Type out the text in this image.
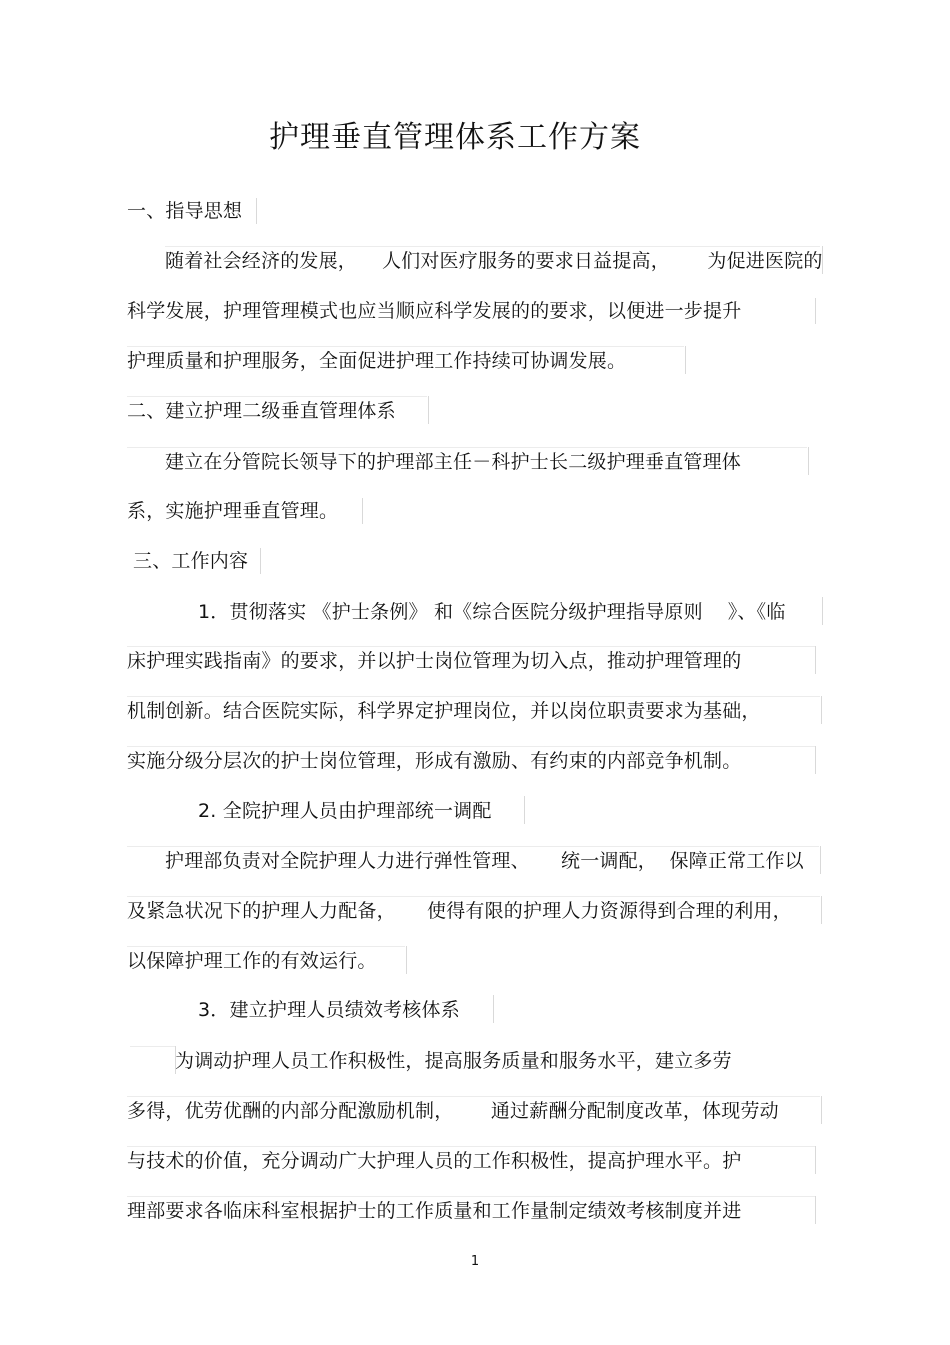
护理垂直管理体系工作方案
一、指导思想
随着社会经济的发展，    人们对医疗服务的要求日益提高，      为促进医院的
科学发展，护理管理模式也应当顺应科学发展的的要求，以便进一步提升
护理质量和护理服务，全面促进护理工作持续可协调发展。
二、建立护理二级垂直管理体系
建立在分管院长领导下的护理部主任－科护士长二级护理垂直管理体
系，实施护理垂直管理。
三、工作内容
1．贯彻落实 《护士条例》 和《综合医院分级护理指导原则    》、《临
床护理实践指南》的要求，并以护士岗位管理为切入点，推动护理管理的
机制创新。结合医院实际，科学界定护理岗位，并以岗位职责要求为基础，
实施分级分层次的护士岗位管理，形成有激励、有约束的内部竞争机制。
2. 全院护理人员由护理部统一调配
护理部负责对全院护理人力进行弹性管理、     统一调配，  保障正常工作以
及紧急状况下的护理人力配备，     使得有限的护理人力资源得到合理的利用，
以保障护理工作的有效运行。
3．建立护理人员绩效考核体系
为调动护理人员工作积极性，提高服务质量和服务水平，建立多劳
多得，优劳优酬的内部分配激励机制，      通过薪酬分配制度改革，体现劳动
与技术的价值，充分调动广大护理人员的工作积极性，提高护理水平。护
理部要求各临床科室根据护士的工作质量和工作量制定绩效考核制度并进
1
